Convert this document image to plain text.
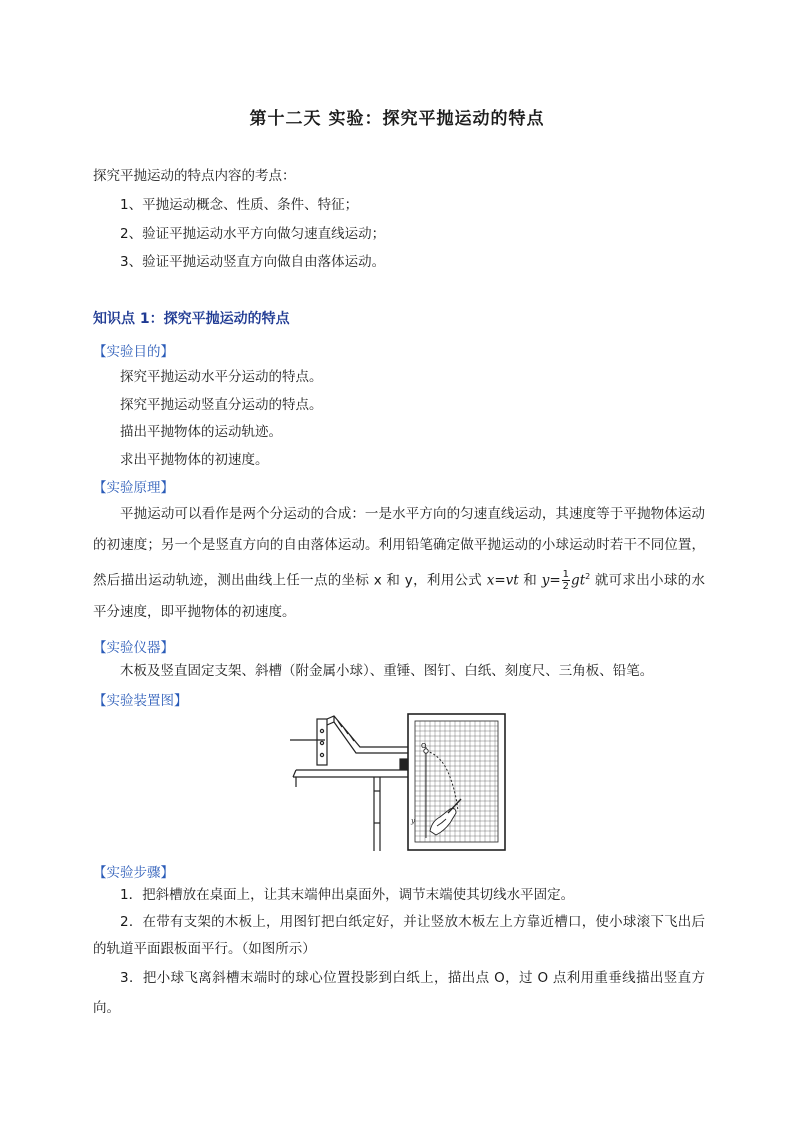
第十二天 实验：探究平抛运动的特点
探究平抛运动的特点内容的考点：
1、平抛运动概念、性质、条件、特征；
2、验证平抛运动水平方向做匀速直线运动；
3、验证平抛运动竖直方向做自由落体运动。
知识点 1：探究平抛运动的特点
【实验目的】
探究平抛运动水平分运动的特点。
探究平抛运动竖直分运动的特点。
描出平抛物体的运动轨迹。
求出平抛物体的初速度。
【实验原理】
平抛运动可以看作是两个分运动的合成：一是水平方向的匀速直线运动，其速度等于平抛物体运动的初速度；另一个是竖直方向的自由落体运动。利用铅笔确定做平抛运动的小球运动时若干不同位置，然后描出运动轨迹，测出曲线上任一点的坐标 x 和 y，利用公式 x=vt 和 $y= \frac{1}{2} gt^2$ 就可求出小球的水平分速度，即平抛物体的初速度。
【实验仪器】
木板及竖直固定支架、斜槽（附金属小球）、重锤、图钉、白纸、刻度尺、三角板、铅笔。
【实验装置图】
O
y
【实验步骤】
1．把斜槽放在桌面上，让其末端伸出桌面外，调节末端使其切线水平固定。
2．在带有支架的木板上，用图钉把白纸定好，并让竖放木板左上方靠近槽口，使小球滚下飞出后的轨道平面跟板面平行。（如图所示）
3．把小球飞离斜槽末端时的球心位置投影到白纸上，描出点 O，过 O 点利用重垂线描出竖直方向。
